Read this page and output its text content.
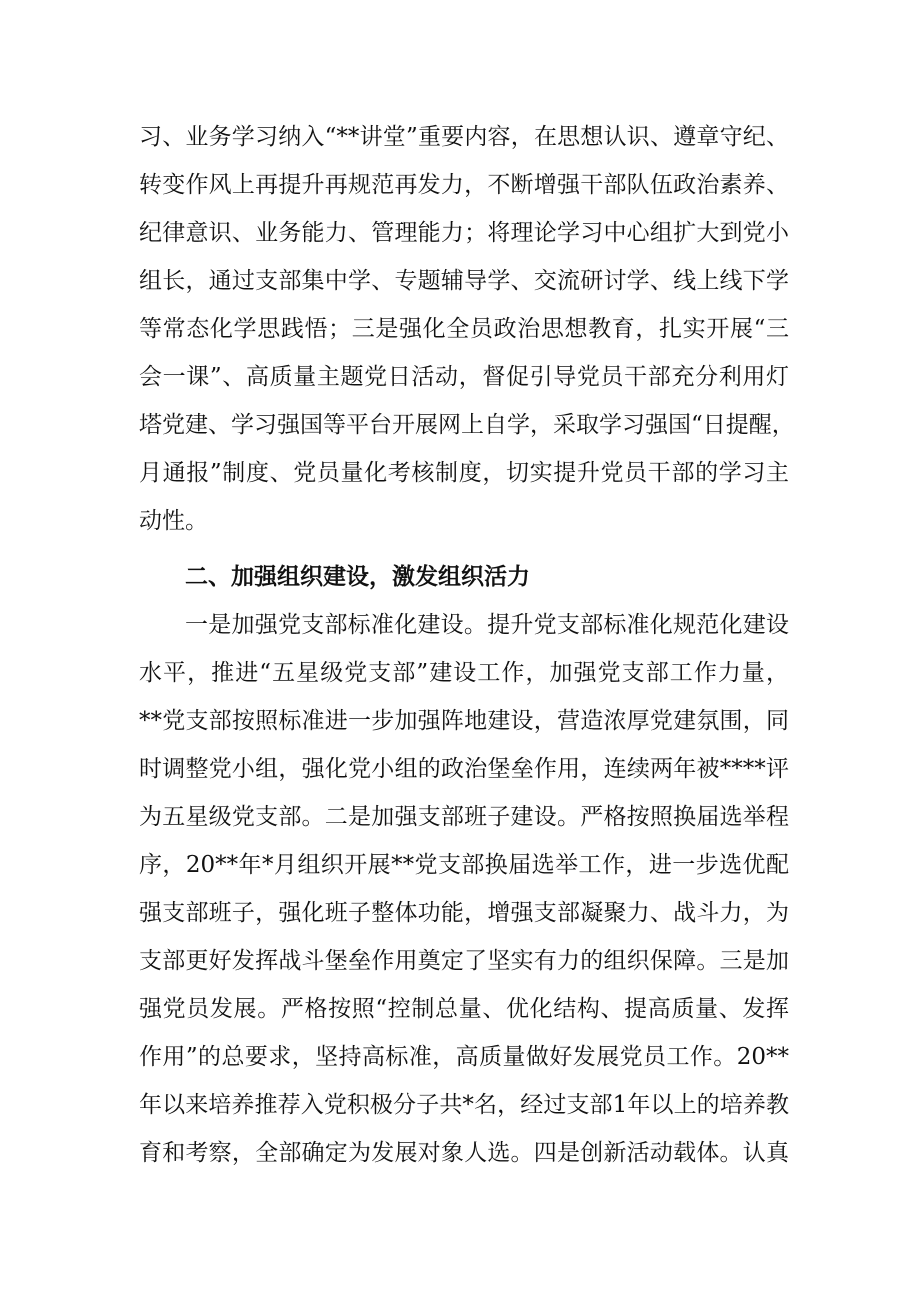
习、业务学习纳入“**讲堂”重要内容，在思想认识、遵章守纪、
转变作风上再提升再规范再发力，不断增强干部队伍政治素养、
纪律意识、业务能力、管理能力；将理论学习中心组扩大到党小
组长，通过支部集中学、专题辅导学、交流研讨学、线上线下学
等常态化学思践悟；三是强化全员政治思想教育，扎实开展“三
会一课”、高质量主题党日活动，督促引导党员干部充分利用灯
塔党建、学习强国等平台开展网上自学，采取学习强国“日提醒，
月通报”制度、党员量化考核制度，切实提升党员干部的学习主
动性。
二、加强组织建设，激发组织活力
一是加强党支部标准化建设。提升党支部标准化规范化建设
水平，推进“五星级党支部”建设工作，加强党支部工作力量，
**党支部按照标准进一步加强阵地建设，营造浓厚党建氛围，同
时调整党小组，强化党小组的政治堡垒作用，连续两年被****评
为五星级党支部。二是加强支部班子建设。严格按照换届选举程
序，20**年*月组织开展**党支部换届选举工作，进一步选优配
强支部班子，强化班子整体功能，增强支部凝聚力、战斗力，为
支部更好发挥战斗堡垒作用奠定了坚实有力的组织保障。三是加
强党员发展。严格按照“控制总量、优化结构、提高质量、发挥
作用”的总要求，坚持高标准，高质量做好发展党员工作。20**
年以来培养推荐入党积极分子共*名，经过支部1年以上的培养教
育和考察，全部确定为发展对象人选。四是创新活动载体。认真
